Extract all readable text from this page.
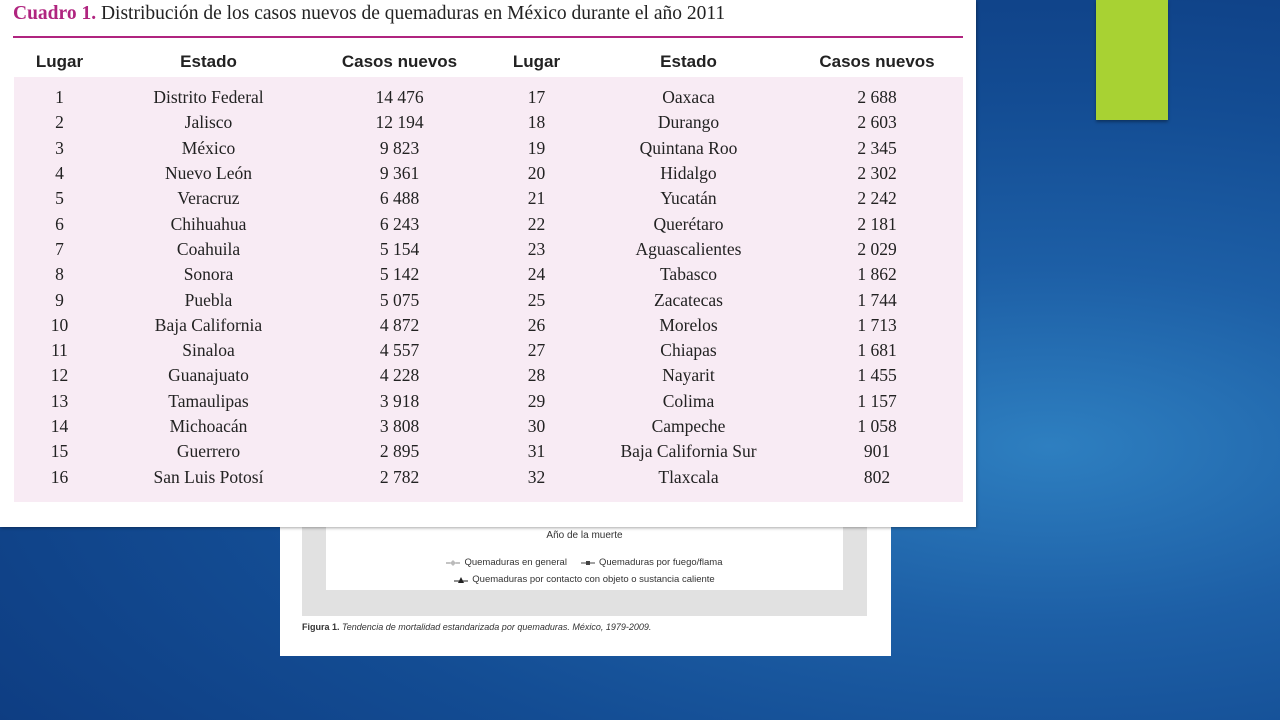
Año de la muerte
Quemaduras en general	Quemaduras por fuego/flama
Quemaduras por contacto con objeto o sustancia caliente
Figura 1. Tendencia de mortalidad estandarizada por quemaduras. México, 1979-2009.
Cuadro 1. Distribución de los casos nuevos de quemaduras en México durante el año 2011
Lugar	Estado	Casos nuevos	Lugar	Estado	Casos nuevos
1	Distrito Federal	14 476	17	Oaxaca	2 688
2	Jalisco	12 194	18	Durango	2 603
3	México	9 823	19	Quintana Roo	2 345
4	Nuevo León	9 361	20	Hidalgo	2 302
5	Veracruz	6 488	21	Yucatán	2 242
6	Chihuahua	6 243	22	Querétaro	2 181
7	Coahuila	5 154	23	Aguascalientes	2 029
8	Sonora	5 142	24	Tabasco	1 862
9	Puebla	5 075	25	Zacatecas	1 744
10	Baja California	4 872	26	Morelos	1 713
11	Sinaloa	4 557	27	Chiapas	1 681
12	Guanajuato	4 228	28	Nayarit	1 455
13	Tamaulipas	3 918	29	Colima	1 157
14	Michoacán	3 808	30	Campeche	1 058
15	Guerrero	2 895	31	Baja California Sur	901
16	San Luis Potosí	2 782	32	Tlaxcala	802
